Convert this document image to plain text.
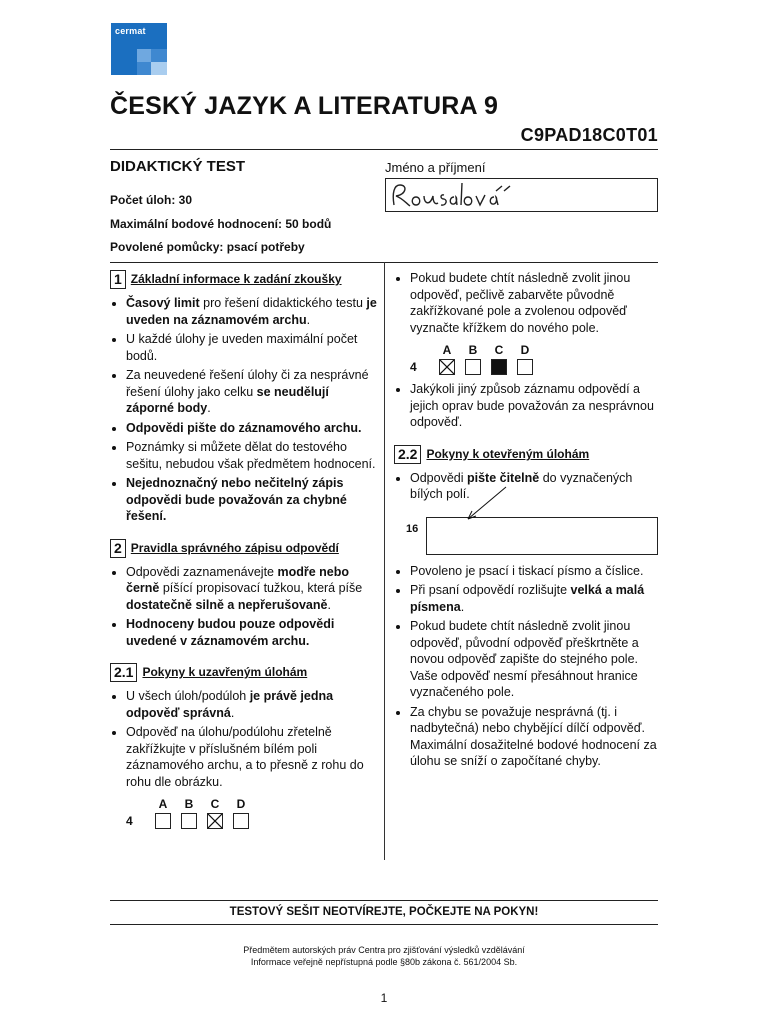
cermat
ČESKÝ JAZYK A LITERATURA 9
C9PAD18C0T01
DIDAKTICKÝ TEST	Jméno a příjmení
Počet úloh: 30
Maximální bodové hodnocení: 50 bodů
Povolené pomůcky: psací potřeby
1 Základní informace k zadání zkoušky
• Časový limit pro řešení didaktického testu je uveden na záznamovém archu.
• U každé úlohy je uveden maximální počet bodů.
• Za neuvedené řešení úlohy či za nesprávné řešení úlohy jako celku se neudělují záporné body.
• Odpovědi pište do záznamového archu.
• Poznámky si můžete dělat do testového sešitu, nebudou však předmětem hodnocení.
• Nejednoznačný nebo nečitelný zápis odpovědi bude považován za chybné řešení.
2 Pravidla správného zápisu odpovědí
• Odpovědi zaznamenávejte modře nebo černě píšící propisovací tužkou, která píše dostatečně silně a nepřerušovaně.
• Hodnoceny budou pouze odpovědi uvedené v záznamovém archu.
2.1 Pokyny k uzavřeným úlohám
• U všech úloh/podúloh je právě jedna odpověď správná.
• Odpověď na úlohu/podúlohu zřetelně zakřížkujte v příslušném bílém poli záznamového archu, a to přesně z rohu do rohu dle obrázku.
A	B	C	D
4
• Pokud budete chtít následně zvolit jinou odpověď, pečlivě zabarvěte původně zakřížkované pole a zvolenou odpověď vyznačte křížkem do nového pole.
A	B	C	D
4
• Jakýkoli jiný způsob záznamu odpovědí a jejich oprav bude považován za nesprávnou odpověď.
2.2 Pokyny k otevřeným úlohám
• Odpovědi pište čitelně do vyznačených bílých polí.
16
• Povoleno je psací i tiskací písmo a číslice.
• Při psaní odpovědí rozlišujte velká a malá písmena.
• Pokud budete chtít následně zvolit jinou odpověď, původní odpověď přeškrtněte a novou odpověď zapište do stejného pole. Vaše odpověď nesmí přesáhnout hranice vyznačeného pole.
• Za chybu se považuje nesprávná (tj. i nadbytečná) nebo chybějící dílčí odpověď. Maximální dosažitelné bodové hodnocení za úlohu se sníží o započítané chyby.
TESTOVÝ SEŠIT NEOTVÍREJTE, POČKEJTE NA POKYN!
Předmětem autorských práv Centra pro zjišťování výsledků vzdělávání
Informace veřejně nepřístupná podle §80b zákona č. 561/2004 Sb.
1
